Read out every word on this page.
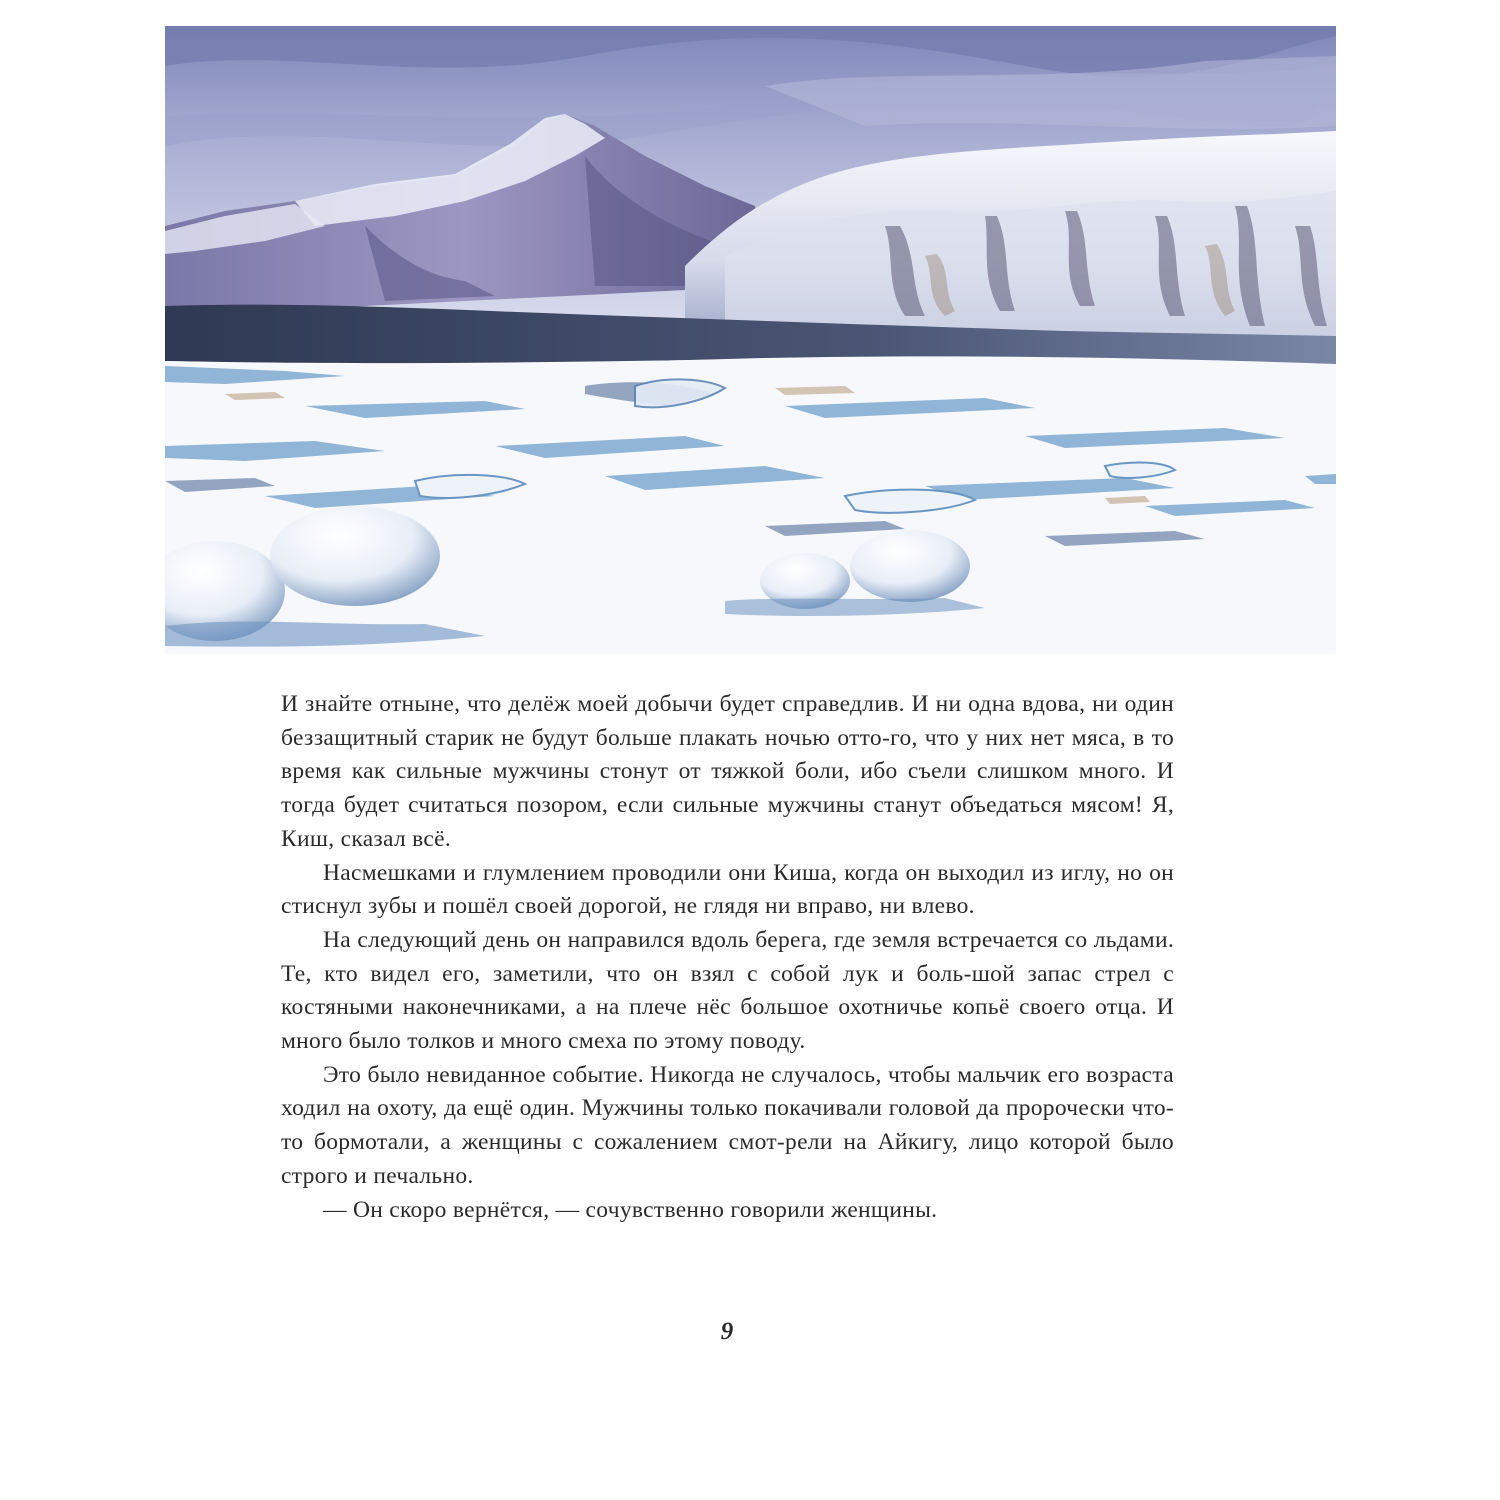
И знайте отныне, что делёж моей добычи будет справедлив. И ни одна вдова, ни один беззащитный старик не будут больше плакать ночью отто-го, что у них нет мяса, в то время как сильные мужчины стонут от тяжкой боли, ибо съели слишком много. И тогда будет считаться позором, если сильные мужчины станут объедаться мясом! Я, Киш, сказал всё.

Насмешками и глумлением проводили они Киша, когда он выходил из иглу, но он стиснул зубы и пошёл своей дорогой, не глядя ни вправо, ни влево.

На следующий день он направился вдоль берега, где земля встречается со льдами. Те, кто видел его, заметили, что он взял с собой лук и боль-шой запас стрел с костяными наконечниками, а на плече нёс большое охотничье копьё своего отца. И много было толков и много смеха по этому поводу.

Это было невиданное событие. Никогда не случалось, чтобы мальчик его возраста ходил на охоту, да ещё один. Мужчины только покачивали головой да пророчески что-то бормотали, а женщины с сожалением смот-рели на Айкигу, лицо которой было строго и печально.

— Он скоро вернётся, — сочувственно говорили женщины.

9
